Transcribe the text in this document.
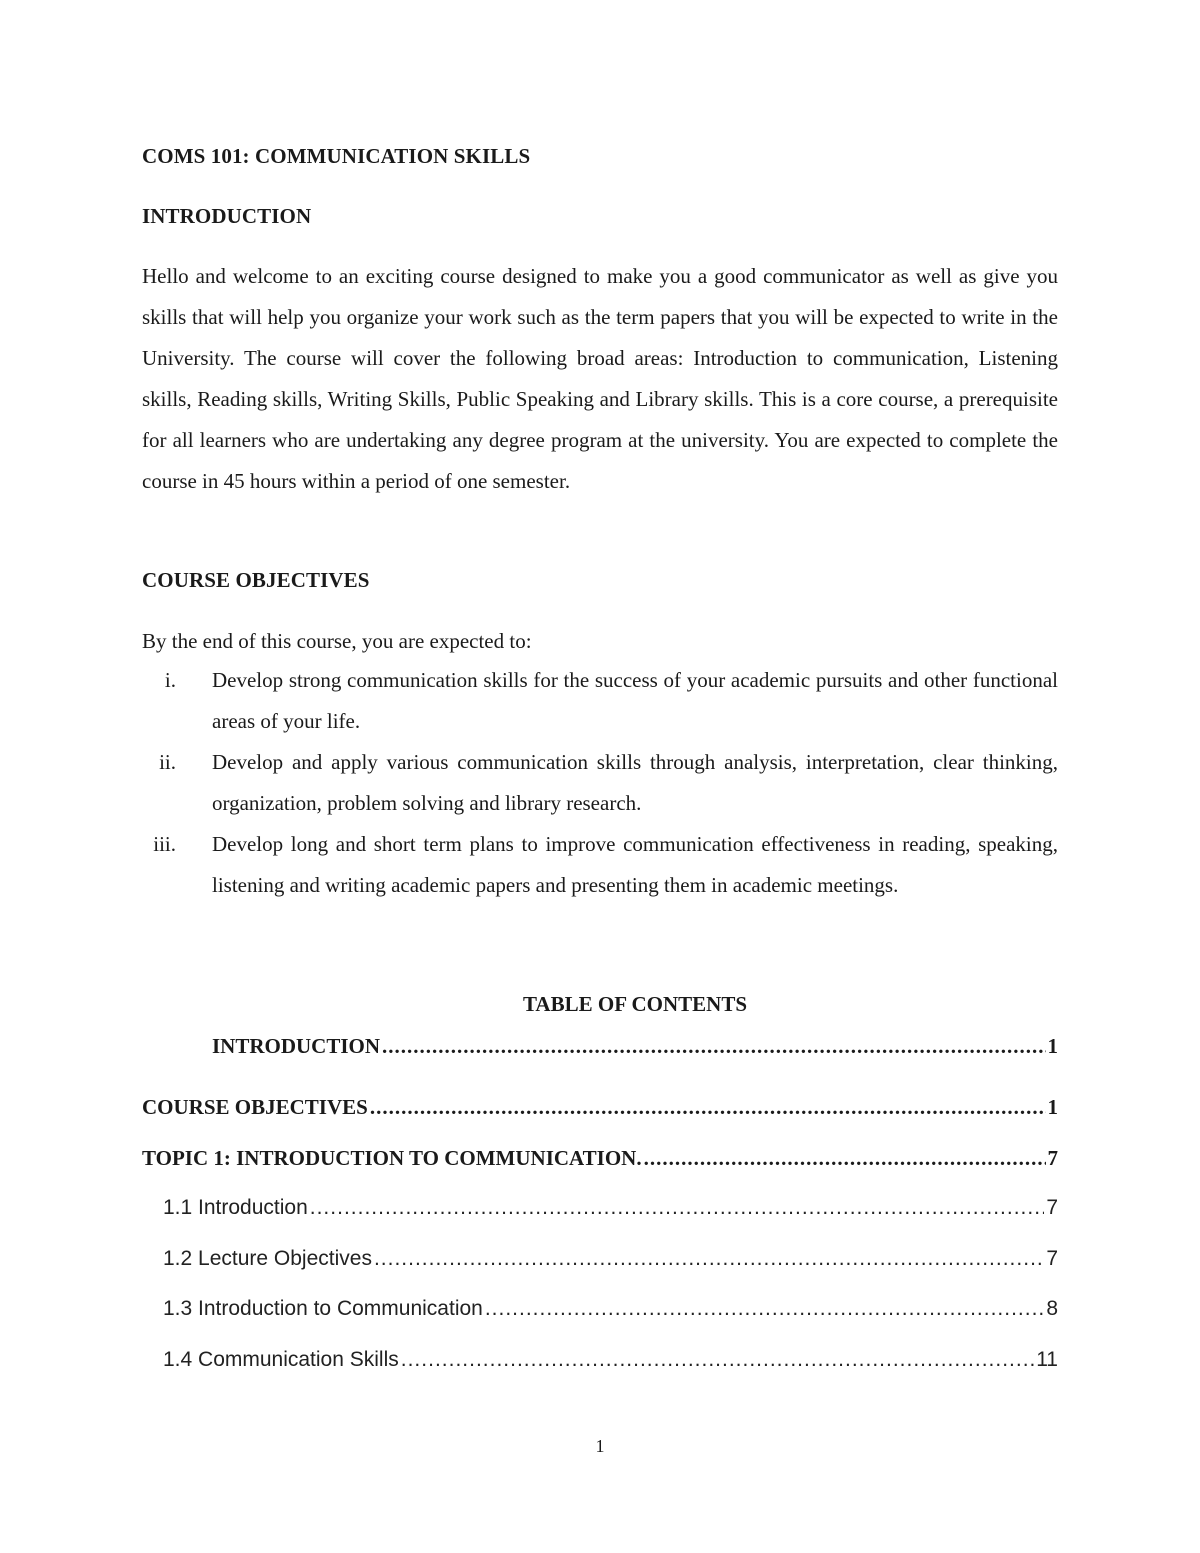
COMS 101: COMMUNICATION SKILLS
INTRODUCTION
Hello and welcome to an exciting course designed to make you a good communicator as well as give you skills that will help you organize your work such as the term papers that you will be expected to write in the University. The course will cover the following broad areas: Introduction to communication, Listening skills, Reading skills, Writing Skills, Public Speaking and Library skills. This is a core course, a prerequisite for all learners who are undertaking any degree program at the university. You are expected to complete the course in 45 hours within a period of one semester.
COURSE OBJECTIVES
By the end of this course, you are expected to:
i. Develop strong communication skills for the success of your academic pursuits and other functional areas of your life.
ii. Develop and apply various communication skills through analysis, interpretation, clear thinking, organization, problem solving and library research.
iii. Develop long and short term plans to improve communication effectiveness in reading, speaking, listening and writing academic papers and presenting them in academic meetings.
TABLE OF CONTENTS
INTRODUCTION .....	1
COURSE OBJECTIVES .....	1
TOPIC 1: INTRODUCTION TO COMMUNICATION. .....	7
1.1 Introduction .....	7
1.2 Lecture Objectives .....	7
1.3 Introduction to Communication .....	8
1.4 Communication Skills .....	11
1
